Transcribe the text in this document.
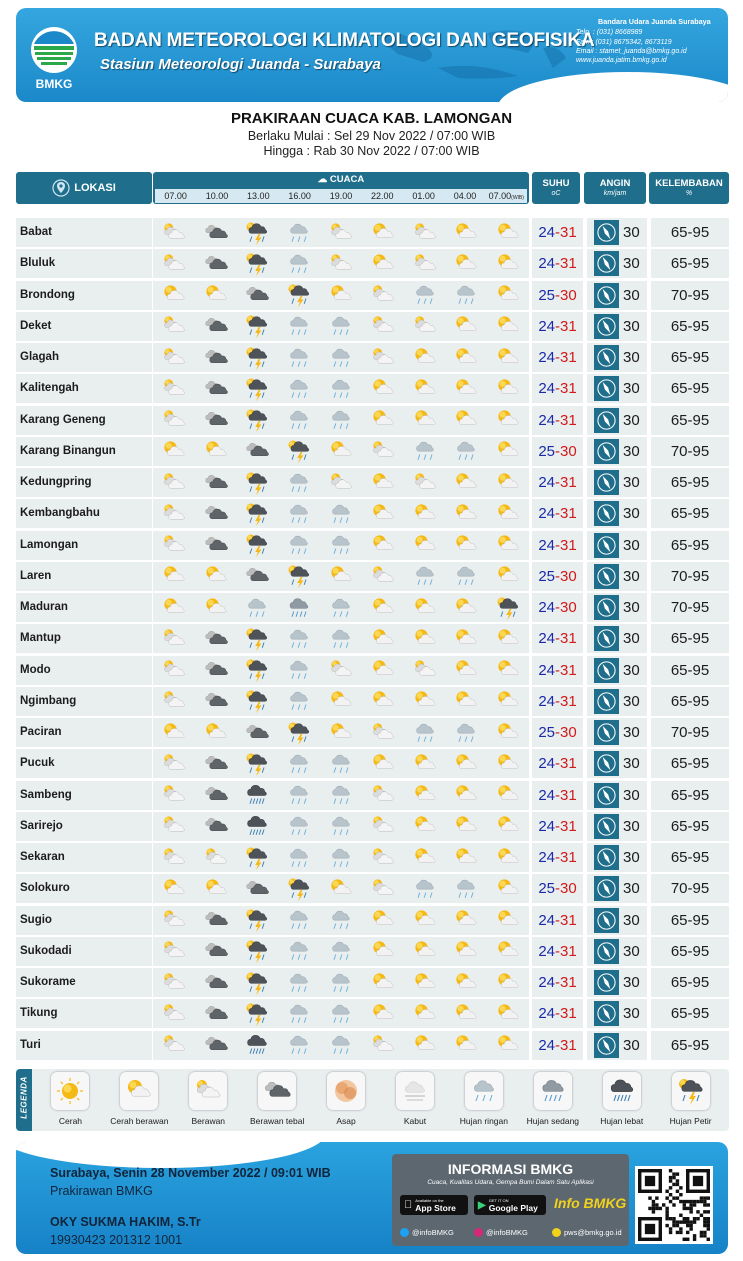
BMKG
BADAN METEOROLOGI KLIMATOLOGI DAN GEOFISIKA
Stasiun Meteorologi Juanda - Surabaya
Bandara Udara Juanda Surabaya
Telp. : (031) 8668989
Fax. : (031) 8675342, 8673119
Email : stamet_juanda@bmkg.go.id
www.juanda.jatim.bmkg.go.id
PRAKIRAAN CUACA KAB. LAMONGAN
Berlaku Mulai : Sel 29 Nov 2022 / 07:00 WIB
Hingga : Rab 30 Nov 2022 / 07:00 WIB
LOKASI
☁ CUACA
07.00	10.00	13.00	16.00	19.00	22.00	01.00	04.00	07.00(WIB)
SUHU
oC
ANGIN
km/jam
KELEMBABAN
%
Babat	24-31	30	65-95
Bluluk	24-31	30	65-95
Brondong	25-30	30	70-95
Deket	24-31	30	65-95
Glagah	24-31	30	65-95
Kalitengah	24-31	30	65-95
Karang Geneng	24-31	30	65-95
Karang Binangun	25-30	30	70-95
Kedungpring	24-31	30	65-95
Kembangbahu	24-31	30	65-95
Lamongan	24-31	30	65-95
Laren	25-30	30	70-95
Maduran	24-30	30	70-95
Mantup	24-31	30	65-95
Modo	24-31	30	65-95
Ngimbang	24-31	30	65-95
Paciran	25-30	30	70-95
Pucuk	24-31	30	65-95
Sambeng	24-31	30	65-95
Sarirejo	24-31	30	65-95
Sekaran	24-31	30	65-95
Solokuro	25-30	30	70-95
Sugio	24-31	30	65-95
Sukodadi	24-31	30	65-95
Sukorame	24-31	30	65-95
Tikung	24-31	30	65-95
Turi	24-31	30	65-95
LEGENDA
Cerah	Cerah berawan	Berawan	Berawan tebal	Asap	Kabut	Hujan ringan Hujan sedang Hujan lebat	Hujan Petir
Surabaya, Senin 28 November 2022 / 09:01 WIB
Prakirawan BMKG
OKY SUKMA HAKIM, S.Tr
19930423 201312 1001
INFORMASI BMKG
Cuaca, Kualitas Udara, Gempa Bumi Dalam Satu Aplikasi
Available on the
App Store	▶ GET IT ON
Google Play Info BMKG
@infoBMKG	@infoBMKG	pws@bmkg.go.id
